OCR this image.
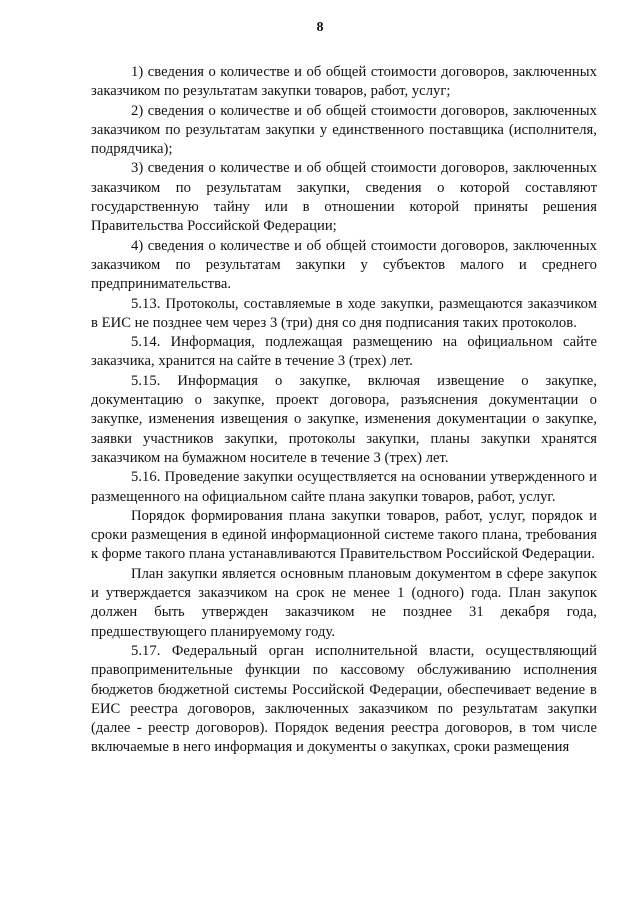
8

1) сведения о количестве и об общей стоимости договоров, заключенных заказчиком по результатам закупки товаров, работ, услуг;

2) сведения о количестве и об общей стоимости договоров, заключенных заказчиком по результатам закупки у единственного поставщика (исполнителя, подрядчика);

3) сведения о количестве и об общей стоимости договоров, заключенных заказчиком по результатам закупки, сведения о которой составляют государственную тайну или в отношении которой приняты решения Правительства Российской Федерации;

4) сведения о количестве и об общей стоимости договоров, заключенных заказчиком по результатам закупки у субъектов малого и среднего предпринимательства.

5.13. Протоколы, составляемые в ходе закупки, размещаются заказчиком в ЕИС не позднее чем через 3 (три) дня со дня подписания таких протоколов.

5.14. Информация, подлежащая размещению на официальном сайте заказчика, хранится на сайте в течение 3 (трех) лет.

5.15. Информация о закупке, включая извещение о закупке, документацию о закупке, проект договора, разъяснения документации о закупке, изменения извещения о закупке, изменения документации о закупке, заявки участников закупки, протоколы закупки, планы закупки хранятся заказчиком на бумажном носителе в течение 3 (трех) лет.

5.16. Проведение закупки осуществляется на основании утвержденного и размещенного на официальном сайте плана закупки товаров, работ, услуг.

Порядок формирования плана закупки товаров, работ, услуг, порядок и сроки размещения в единой информационной системе такого плана, требования к форме такого плана устанавливаются Правительством Российской Федерации.

План закупки является основным плановым документом в сфере закупок и утверждается заказчиком на срок не менее 1 (одного) года. План закупок должен быть утвержден заказчиком не позднее 31 декабря года, предшествующего планируемому году.

5.17. Федеральный орган исполнительной власти, осуществляющий правоприменительные функции по кассовому обслуживанию исполнения бюджетов бюджетной системы Российской Федерации, обеспечивает ведение в ЕИС реестра договоров, заключенных заказчиком по результатам закупки (далее - реестр договоров). Порядок ведения реестра договоров, в том числе включаемые в него информация и документы о закупках, сроки размещения
